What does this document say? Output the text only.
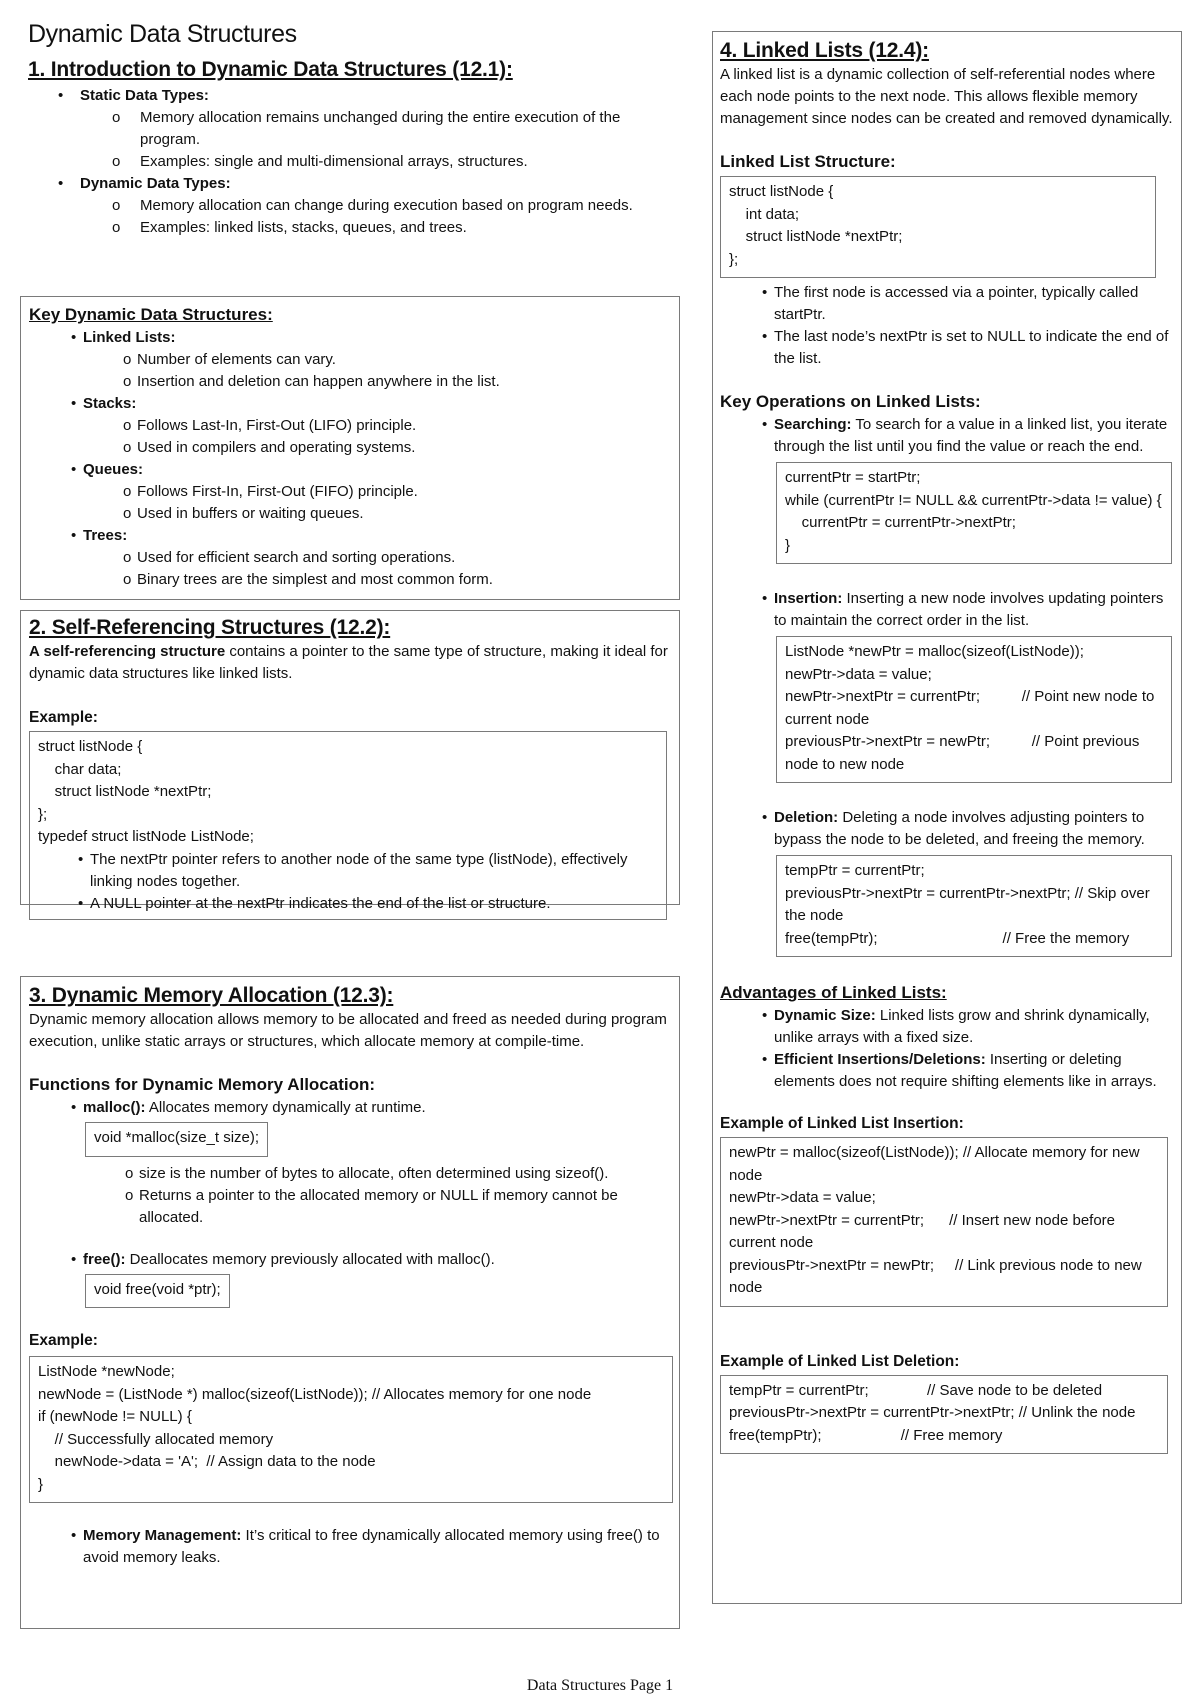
Dynamic Data Structures
1. Introduction to Dynamic Data Structures (12.1):
• Static Data Types:
o Memory allocation remains unchanged during the entire execution of the program.
o Examples: single and multi-dimensional arrays, structures.
• Dynamic Data Types:
o Memory allocation can change during execution based on program needs.
o Examples: linked lists, stacks, queues, and trees.
Key Dynamic Data Structures:
• Linked Lists:
o Number of elements can vary.
o Insertion and deletion can happen anywhere in the list.
• Stacks:
o Follows Last-In, First-Out (LIFO) principle.
o Used in compilers and operating systems.
• Queues:
o Follows First-In, First-Out (FIFO) principle.
o Used in buffers or waiting queues.
• Trees:
o Used for efficient search and sorting operations.
o Binary trees are the simplest and most common form.
2. Self-Referencing Structures (12.2):
A self-referencing structure contains a pointer to the same type of structure, making it ideal for dynamic data structures like linked lists.
Example:
struct listNode {
char data;
struct listNode *nextPtr;
};
typedef struct listNode ListNode;
• The nextPtr pointer refers to another node of the same type (listNode), effectively linking nodes together.
• A NULL pointer at the nextPtr indicates the end of the list or structure.
3. Dynamic Memory Allocation (12.3):
Dynamic memory allocation allows memory to be allocated and freed as needed during program execution, unlike static arrays or structures, which allocate memory at compile-time.
Functions for Dynamic Memory Allocation:
• malloc(): Allocates memory dynamically at runtime.
void *malloc(size_t size);
o size is the number of bytes to allocate, often determined using sizeof().
o Returns a pointer to the allocated memory or NULL if memory cannot be allocated.
• free(): Deallocates memory previously allocated with malloc().
void free(void *ptr);
Example:
ListNode *newNode;
newNode = (ListNode *) malloc(sizeof(ListNode)); // Allocates memory for one node
if (newNode != NULL) {
// Successfully allocated memory
newNode->data = 'A';  // Assign data to the node
}
• Memory Management: It’s critical to free dynamically allocated memory using free() to avoid memory leaks.
4. Linked Lists (12.4):
A linked list is a dynamic collection of self-referential nodes where each node points to the next node. This allows flexible memory management since nodes can be created and removed dynamically.
Linked List Structure:
struct listNode {
int data;
struct listNode *nextPtr;
};
• The first node is accessed via a pointer, typically called startPtr.
• The last node’s nextPtr is set to NULL to indicate the end of the list.
Key Operations on Linked Lists:
• Searching: To search for a value in a linked list, you iterate through the list until you find the value or reach the end.
currentPtr = startPtr;
while (currentPtr != NULL && currentPtr->data != value) {
currentPtr = currentPtr->nextPtr;
}
• Insertion: Inserting a new node involves updating pointers to maintain the correct order in the list.
ListNode *newPtr = malloc(sizeof(ListNode));
newPtr->data = value;
newPtr->nextPtr = currentPtr;          // Point new node to current node
previousPtr->nextPtr = newPtr;          // Point previous node to new node
• Deletion: Deleting a node involves adjusting pointers to bypass the node to be deleted, and freeing the memory.
tempPtr = currentPtr;
previousPtr->nextPtr = currentPtr->nextPtr; // Skip over the node
free(tempPtr);                              // Free the memory
Advantages of Linked Lists:
• Dynamic Size: Linked lists grow and shrink dynamically, unlike arrays with a fixed size.
• Efficient Insertions/Deletions: Inserting or deleting elements does not require shifting elements like in arrays.
Example of Linked List Insertion:
newPtr = malloc(sizeof(ListNode)); // Allocate memory for new node
newPtr->data = value;
newPtr->nextPtr = currentPtr;      // Insert new node before current node
previousPtr->nextPtr = newPtr;     // Link previous node to new node
Example of Linked List Deletion:
tempPtr = currentPtr;              // Save node to be deleted
previousPtr->nextPtr = currentPtr->nextPtr; // Unlink the node
free(tempPtr);                   // Free memory
Data Structures Page 1
